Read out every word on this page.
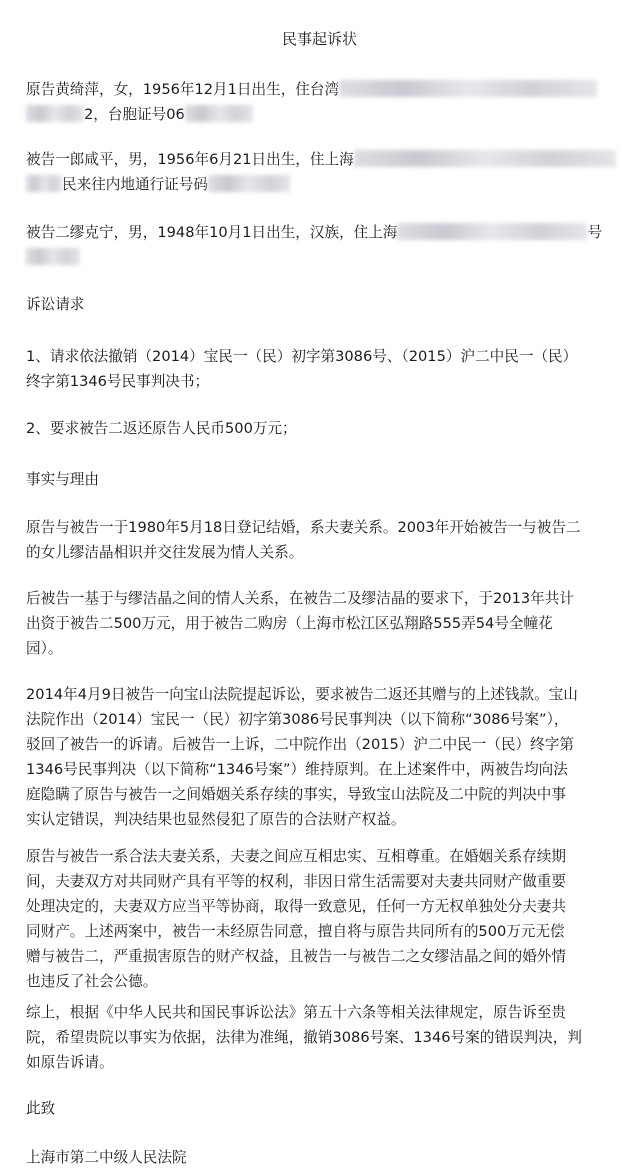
民事起诉状
原告黄绮萍，女，1956年12月1日出生，住台湾
2，台胞证号06
被告一郎咸平，男，1956年6月21日出生，住上海
民来往内地通行证号码
被告二缪克宁，男，1948年10月1日出生，汉族，住上海	号
诉讼请求
1、请求依法撤销（2014）宝民一（民）初字第3086号、（2015）沪二中民一（民）
终字第1346号民事判决书；
2、要求被告二返还原告人民币500万元；
事实与理由
原告与被告一于1980年5月18日登记结婚，系夫妻关系。2003年开始被告一与被告二
的女儿缪洁晶相识并交往发展为情人关系。
后被告一基于与缪洁晶之间的情人关系，在被告二及缪洁晶的要求下，于2013年共计
出资于被告二500万元，用于被告二购房（上海市松江区弘翔路555弄54号全幢花
园）。
2014年4月9日被告一向宝山法院提起诉讼，要求被告二返还其赠与的上述钱款。宝山
法院作出（2014）宝民一（民）初字第3086号民事判决（以下简称“3086号案”），
驳回了被告一的诉请。后被告一上诉，二中院作出（2015）沪二中民一（民）终字第
1346号民事判决（以下简称“1346号案”）维持原判。在上述案件中，两被告均向法
庭隐瞒了原告与被告一之间婚姻关系存续的事实，导致宝山法院及二中院的判决中事
实认定错误，判决结果也显然侵犯了原告的合法财产权益。
原告与被告一系合法夫妻关系，夫妻之间应互相忠实、互相尊重。在婚姻关系存续期
间，夫妻双方对共同财产具有平等的权利，非因日常生活需要对夫妻共同财产做重要
处理决定的，夫妻双方应当平等协商，取得一致意见，任何一方无权单独处分夫妻共
同财产。上述两案中，被告一未经原告同意，擅自将与原告共同所有的500万元无偿
赠与被告二，严重损害原告的财产权益，且被告一与被告二之女缪洁晶之间的婚外情
也违反了社会公德。
综上，根据《中华人民共和国民事诉讼法》第五十六条等相关法律规定，原告诉至贵
院，希望贵院以事实为依据，法律为准绳，撤销3086号案、1346号案的错误判决，判
如原告诉请。
此致
上海市第二中级人民法院
